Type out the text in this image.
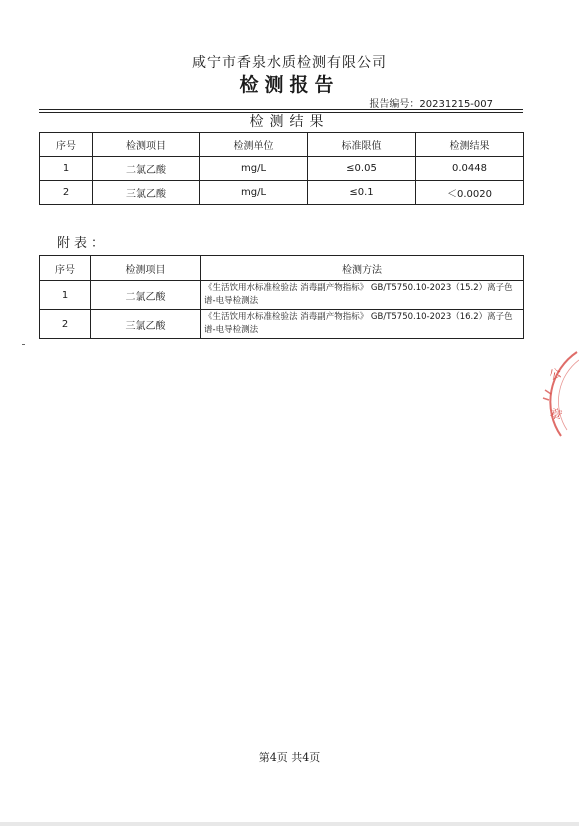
咸宁市香泉水质检测有限公司
检测报告
报告编号：20231215-007
检测结果
序号	检测项目	检测单位	标准限值	检测结果
1	二氯乙酸	mg/L	≤0.05	0.0448
2	三氯乙酸	mg/L	≤0.1	＜0.0020
附表：
序号	检测项目	检测方法
1	二氯乙酸	《生活饮用水标准检验法 消毒副产物指标》 GB/T5750.10-2023（15.2）离子色谱-电导检测法
2	三氯乙酸	《生活饮用水标准检验法 消毒副产物指标》 GB/T5750.10-2023（16.2）离子色谱-电导检测法
第4页 共4页
公
章
